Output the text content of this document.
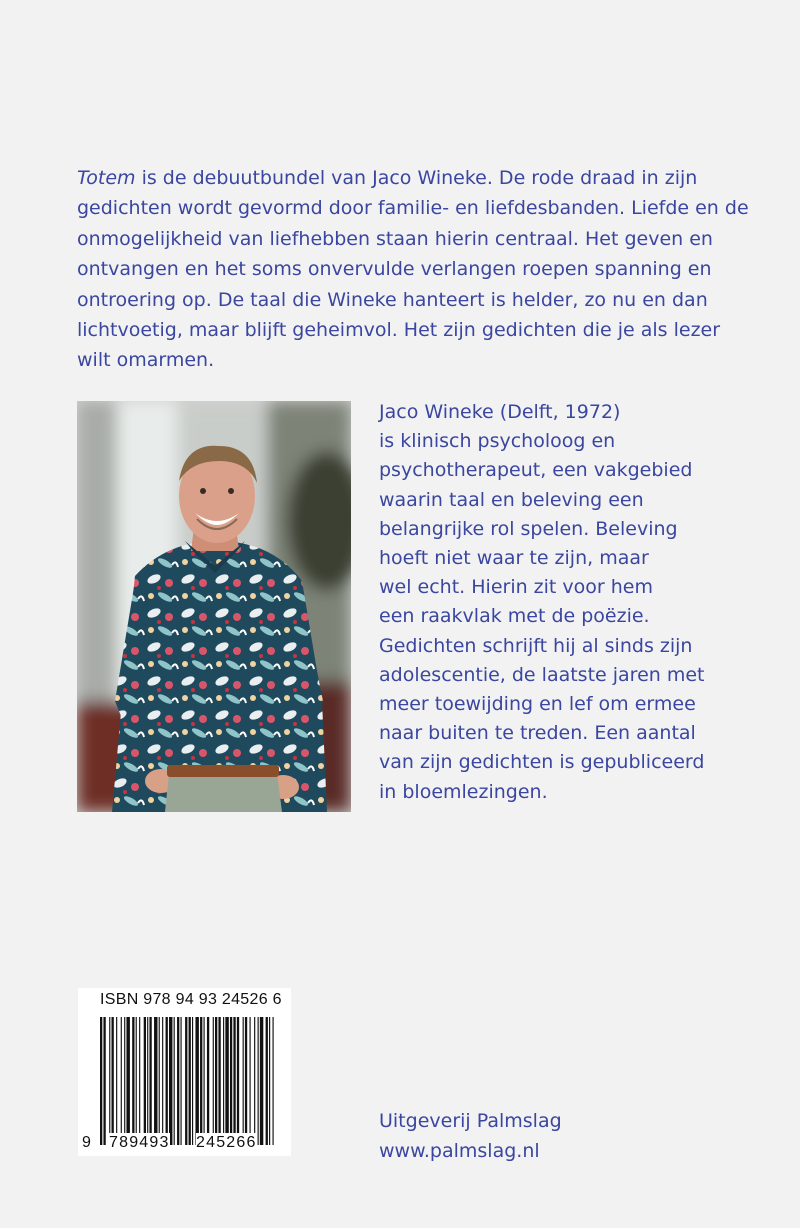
Totem is de debuutbundel van Jaco Wineke. De rode draad in zijn gedichten wordt gevormd door familie- en liefdesbanden. Liefde en de onmogelijkheid van liefhebben staan hierin centraal. Het geven en ontvangen en het soms onvervulde verlangen roepen spanning en ontroering op. De taal die Wineke hanteert is helder, zo nu en dan lichtvoetig, maar blijft geheimvol. Het zijn gedichten die je als lezer wilt omarmen.

Jaco Wineke (Delft, 1972)
is klinisch psycholoog en
psychotherapeut, een vakgebied
waarin taal en beleving een
belangrijke rol spelen. Beleving
hoeft niet waar te zijn, maar
wel echt. Hierin zit voor hem
een raakvlak met de poëzie.
Gedichten schrijft hij al sinds zijn
adolescentie, de laatste jaren met
meer toewijding en lef om ermee
naar buiten te treden. Een aantal
van zijn gedichten is gepubliceerd
in bloemlezingen.
ISBN 978 94 93 24526 6
9 789493 245266
Uitgeverij Palmslag
www.palmslag.nl
